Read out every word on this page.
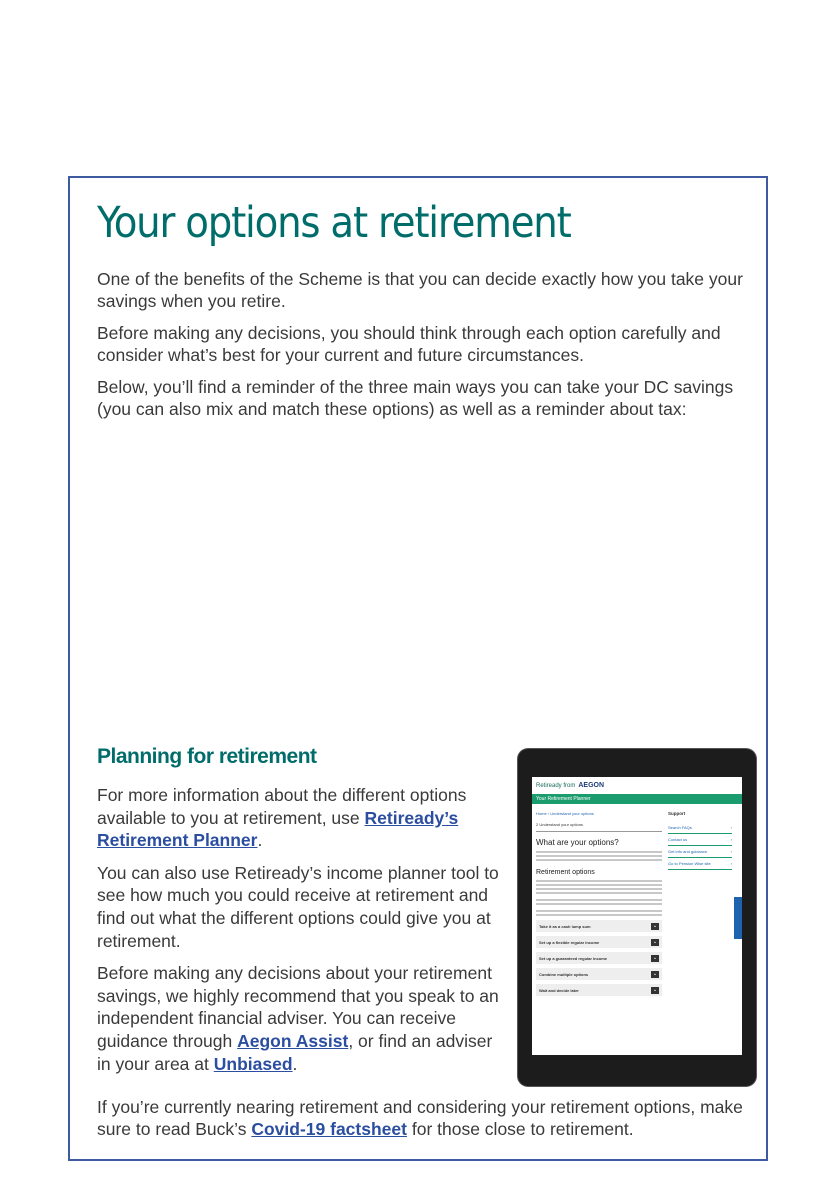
Your options at retirement

One of the benefits of the Scheme is that you can decide exactly how you take your savings when you retire.

Before making any decisions, you should think through each option carefully and consider what’s best for your current and future circumstances.

Below, you’ll find a reminder of the three main ways you can take your DC savings (you can also mix and match these options) as well as a reminder about tax:

Planning for retirement

For more information about the different options available to you at retirement, use Retiready’s Retirement Planner.

You can also use Retiready’s income planner tool to see how much you could receive at retirement and find out what the different options could give you at retirement.

Before making any decisions about your retirement savings, we highly recommend that you speak to an independent financial adviser. You can receive guidance through Aegon Assist, or find an adviser in your area at Unbiased.

If you’re currently nearing retirement and considering your retirement options, make sure to read Buck’s Covid-19 factsheet for those close to retirement.

Retiready
from AEGON
Your Retirement Planner
Home › Understand your options
2 Understand your options
What are your options?
Retirement options
Take it as a cash lump sum	⌄
Set up a flexible regular income	⌄
Set up a guaranteed regular income	⌄
Combine multiple options	⌄
Wait and decide later	⌄
Support
Search FAQs	›
Contact us	›
Get info and guidance	›
Go to Pension Wise site	›
